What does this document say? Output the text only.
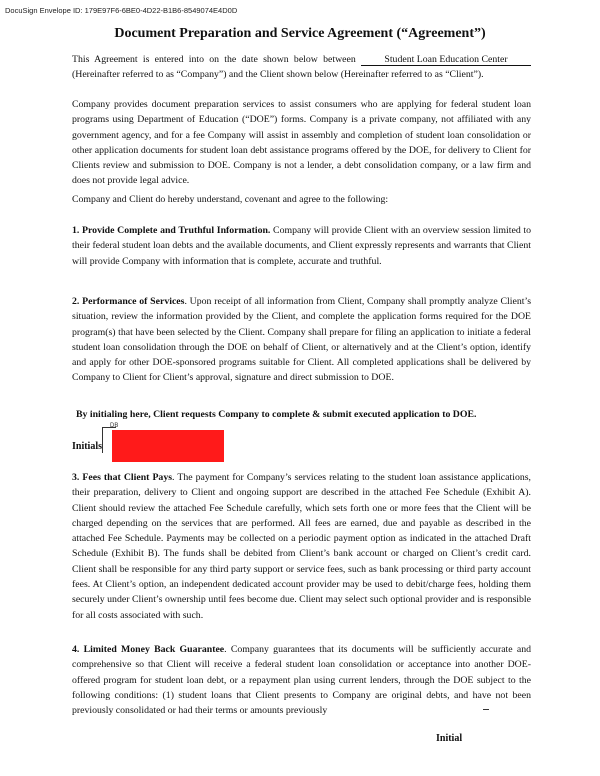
DocuSign Envelope ID: 179E97F6-6BE0-4D22-B1B6-8549074E4D0D
Document Preparation and Service Agreement (“Agreement”)
This Agreement is entered into on the date shown below between Student Loan Education Center (Hereinafter referred to as “Company”) and the Client shown below (Hereinafter referred to as “Client”).
Company provides document preparation services to assist consumers who are applying for federal student loan programs using Department of Education (“DOE”) forms. Company is a private company, not affiliated with any government agency, and for a fee Company will assist in assembly and completion of student loan consolidation or other application documents for student loan debt assistance programs offered by the DOE, for delivery to Client for Clients review and submission to DOE. Company is not a lender, a debt consolidation company, or a law firm and does not provide legal advice.
Company and Client do hereby understand, covenant and agree to the following:
1. Provide Complete and Truthful Information. Company will provide Client with an overview session limited to their federal student loan debts and the available documents, and Client expressly represents and warrants that Client will provide Company with information that is complete, accurate and truthful.
2. Performance of Services. Upon receipt of all information from Client, Company shall promptly analyze Client’s situation, review the information provided by the Client, and complete the application forms required for the DOE program(s) that have been selected by the Client. Company shall prepare for filing an application to initiate a federal student loan consolidation through the DOE on behalf of Client, or alternatively and at the Client’s option, identify and apply for other DOE-sponsored programs suitable for Client. All completed applications shall be delivered by Company to Client for Client’s approval, signature and direct submission to DOE.
By initialing here, Client requests Company to complete & submit executed application to DOE.
DB
Initials
3. Fees that Client Pays. The payment for Company’s services relating to the student loan assistance applications, their preparation, delivery to Client and ongoing support are described in the attached Fee Schedule (Exhibit A). Client should review the attached Fee Schedule carefully, which sets forth one or more fees that the Client will be charged depending on the services that are performed. All fees are earned, due and payable as described in the attached Fee Schedule. Payments may be collected on a periodic payment option as indicated in the attached Draft Schedule (Exhibit B). The funds shall be debited from Client’s bank account or charged on Client’s credit card. Client shall be responsible for any third party support or service fees, such as bank processing or third party account fees. At Client’s option, an independent dedicated account provider may be used to debit/charge fees, holding them securely under Client’s ownership until fees become due. Client may select such optional provider and is responsible for all costs associated with such.
4. Limited Money Back Guarantee. Company guarantees that its documents will be sufficiently accurate and comprehensive so that Client will receive a federal student loan consolidation or acceptance into another DOE-offered program for student loan debt, or a repayment plan using current lenders, through the DOE subject to the following conditions: (1) student loans that Client presents to Company are original debts, and have not been previously consolidated or had their terms or amounts previously
Initial
